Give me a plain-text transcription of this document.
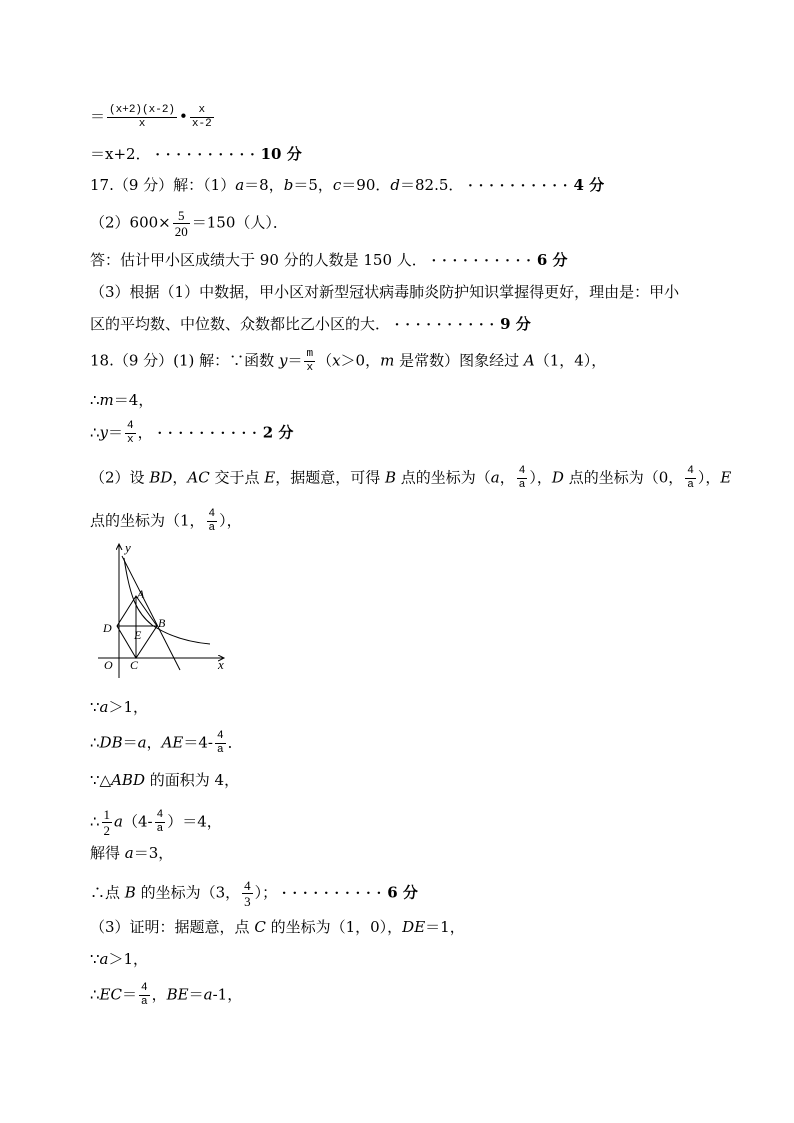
＝ $\frac{(x+2)(x-2)}{x}$ • $\frac{x}{x-2}$
＝x+2． ··········10 分
17.（9 分）解：（1）a＝8，b＝5，c＝90．d＝82.5． ··········4 分
$(2)600\times \frac{5}{20} =150$（人）．
答：估计甲小区成绩大于 90 分的人数是 150 人． ··········6 分
（3）根据（1）中数据，甲小区对新型冠状病毒肺炎防护知识掌握得更好，理由是：甲小
区的平均数、中位数、众数都比乙小区的大． ··········9 分
18.（9 分）(1) 解：∵函数 $y= \frac{m}{x} (x>0$，m 是常数）图象经过 A（1，4），
∴m＝4，
∴y＝ $\frac{4}{x}$ ， ··········2 分
（2）设 BD，AC 交于点 E，据题意，可得 B 点的坐标为（a， $\frac{4}{a}$ ），D 点的坐标为（0， $\frac{4}{a}$ ），E
点的坐标为（1， $\frac{4}{a}$ ），
y
x
A
B
D E
O C
∵a＞1，
∴DB＝a，$AE=4- \frac{4}{a}$ ．
∵△ABD 的面积为 4，
∴ $\frac{1}{2} a(4- \frac{4}{a} )=4$，
解得 a＝3，
∴点 B 的坐标为（3， $\frac{4}{3}$ ）； ··········6 分
（3）证明：据题意，点 C 的坐标为（1，0），DE＝1，
∵a＞1，
∴EC＝ $\frac{4}{a}$ ，BE＝a-1，
